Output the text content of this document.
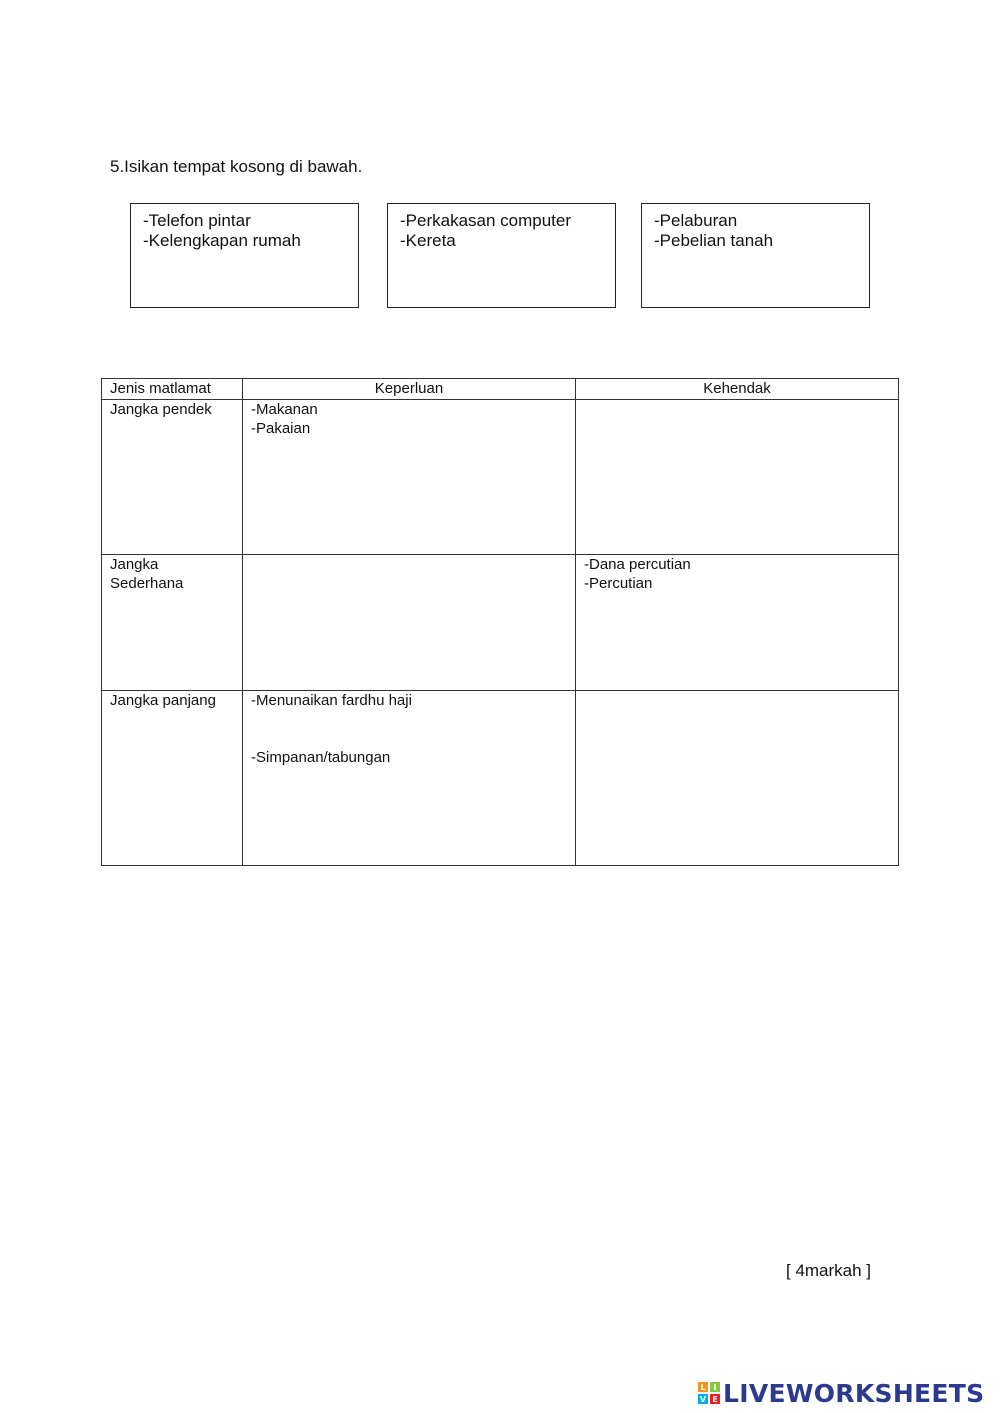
5.Isikan tempat kosong di bawah.

-Telefon pintar
-Kelengkapan rumah
-Perkakasan computer
-Kereta
-Pelaburan
-Pebelian tanah
Jenis matlamat	Keperluan	Kehendak
Jangka pendek	-Makanan
-Pakaian	

Jangka
Sederhana		-Dana percutian
-Percutian

Jangka panjang	-Menunaikan fardhu haji
-Simpanan/tabungan	

[ 4markah ]
L I
V E LIVEWORKSHEETS
